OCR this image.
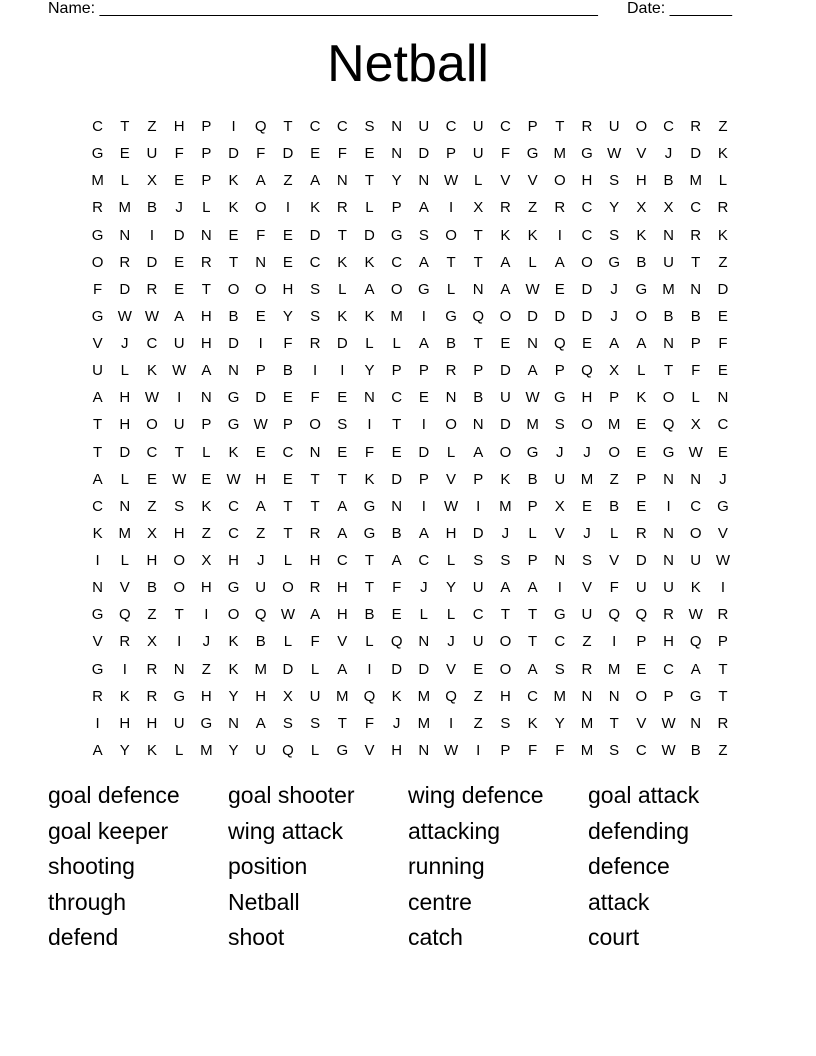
Name: ________________________________________________________ Date: _______
Netball
C	T	Z	H	P	I	Q	T	C	C	S	N	U	C	U	C	P	T	R	U	O	C	R	Z
G	E	U	F	P	D	F	D	E	F	E	N	D	P	U	F	G	M	G W	V	J	D	K
M	L	X	E	P	K	A	Z	A	N	T	Y	N W	L	V	V	O	H	S	H	B	M	L
R	M	B	J	L	K	O	I	K	R	L	P	A	I	X	R	Z	R	C	Y	X	X	C	R
G	N	I	D	N	E	F	E	D	T	D	G	S	O	T	K	K	I	C	S	K	N	R	K
O	R	D	E	R	T	N	E	C	K	K	C	A	T	T	A	L	A	O	G	B	U	T	Z
F	D	R	E	T	O	O	H	S	L	A	O	G	L	N	A	W	E	D	J	G	M	N	D
G W W	A	H	B	E	Y	S	K	K	M	I	G	Q	O	D	D	D	J	O	B	B	E
V	J	C	U	H	D	I	F	R	D	L	L	A	B	T	E	N	Q	E	A	A	N	P	F
U	L	K	W	A	N	P	B	I	I	Y	P	P	R	P	D	A	P	Q	X	L	T	F	E
A	H W	I	N	G	D	E	F	E	N	C	E	N	B	U W G	H	P	K	O	L	N
T	H	O	U	P	G W	P	O	S	I	T	I	O	N	D	M	S	O	M	E	Q	X	C
T	D	C	T	L	K	E	C	N	E	F	E	D	L	A	O	G	J	J	O	E	G W	E
A	L	E	W	E	W H	E	T	T	K	D	P	V	P	K	B	U	M	Z	P	N	N	J
C	N	Z	S	K	C	A	T	T	A	G	N	I	W	I	M	P	X	E	B	E	I	C	G
K	M	X	H	Z	C	Z	T	R	A	G	B	A	H	D	J	L	V	J	L	R	N	O	V
I	L	H	O	X	H	J	L	H	C	T	A	C	L	S	S	P	N	S	V	D	N	U W
N	V	B	O	H	G	U	O	R	H	T	F	J	Y	U	A	A	I	V	F	U	U	K	I
G	Q	Z	T	I	O	Q W	A	H	B	E	L	L	C	T	T	G	U	Q	Q	R W R
V	R	X	I	J	K	B	L	F	V	L	Q	N	J	U	O	T	C	Z	I	P	H	Q	P
G	I	R	N	Z	K	M	D	L	A	I	D	D	V	E	O	A	S	R	M	E	C	A	T
R	K	R	G	H	Y	H	X	U	M	Q	K	M	Q	Z	H	C	M	N	N	O	P	G	T
I	H	H	U	G	N	A	S	S	T	F	J	M	I	Z	S	K	Y	M	T	V	W N	R
A	Y	K	L	M	Y	U	Q	L	G	V	H	N W	I	P	F	F	M	S	C W	B	Z
goal defence	goal shooter	wing defence	goal attack
goal keeper	wing attack	attacking	defending
shooting	position	running	defence
through	Netball	centre	attack
defend	shoot	catch	court
